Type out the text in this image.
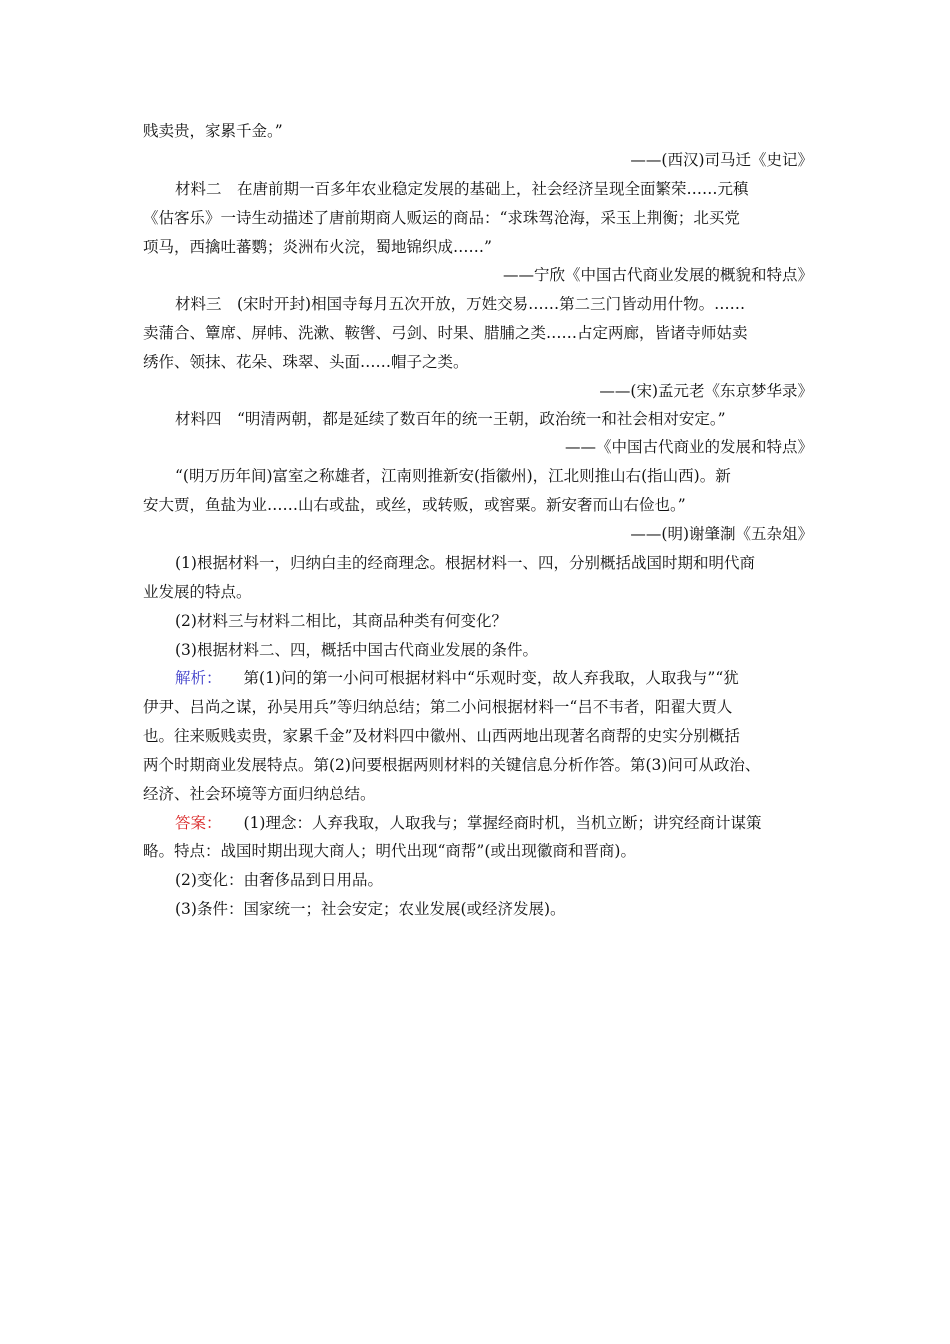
贱卖贵，家累千金。”
——(西汉)司马迁《史记》
材料二　在唐前期一百多年农业稳定发展的基础上，社会经济呈现全面繁荣……元稹
《估客乐》一诗生动描述了唐前期商人贩运的商品：“求珠驾沧海，采玉上荆衡；北买党
项马，西擒吐蕃鹦；炎洲布火浣，蜀地锦织成……”
——宁欣《中国古代商业发展的概貌和特点》
材料三　(宋时开封)相国寺每月五次开放，万姓交易……第二三门皆动用什物。……
卖蒲合、簟席、屏帏、洗漱、鞍辔、弓剑、时果、腊脯之类……占定两廊，皆诸寺师姑卖
绣作、领抹、花朵、珠翠、头面……帽子之类。
——(宋)孟元老《东京梦华录》
材料四　“明清两朝，都是延续了数百年的统一王朝，政治统一和社会相对安定。”
——《中国古代商业的发展和特点》
“(明万历年间)富室之称雄者，江南则推新安(指徽州)，江北则推山右(指山西)。新
安大贾，鱼盐为业……山右或盐，或丝，或转贩，或窖粟。新安奢而山右俭也。”
——(明)谢肇淛《五杂俎》
(1)根据材料一，归纳白圭的经商理念。根据材料一、四，分别概括战国时期和明代商
业发展的特点。
(2)材料三与材料二相比，其商品种类有何变化？
(3)根据材料二、四，概括中国古代商业发展的条件。
解析： 第(1)问的第一小问可根据材料中“乐观时变，故人弃我取，人取我与”“犹
伊尹、吕尚之谋，孙吴用兵”等归纳总结；第二小问根据材料一“吕不韦者，阳翟大贾人
也。往来贩贱卖贵，家累千金”及材料四中徽州、山西两地出现著名商帮的史实分别概括
两个时期商业发展特点。第(2)问要根据两则材料的关键信息分析作答。第(3)问可从政治、
经济、社会环境等方面归纳总结。
答案： (1)理念：人弃我取，人取我与；掌握经商时机，当机立断；讲究经商计谋策
略。特点：战国时期出现大商人；明代出现“商帮”(或出现徽商和晋商)。
(2)变化：由奢侈品到日用品。
(3)条件：国家统一；社会安定；农业发展(或经济发展)。
